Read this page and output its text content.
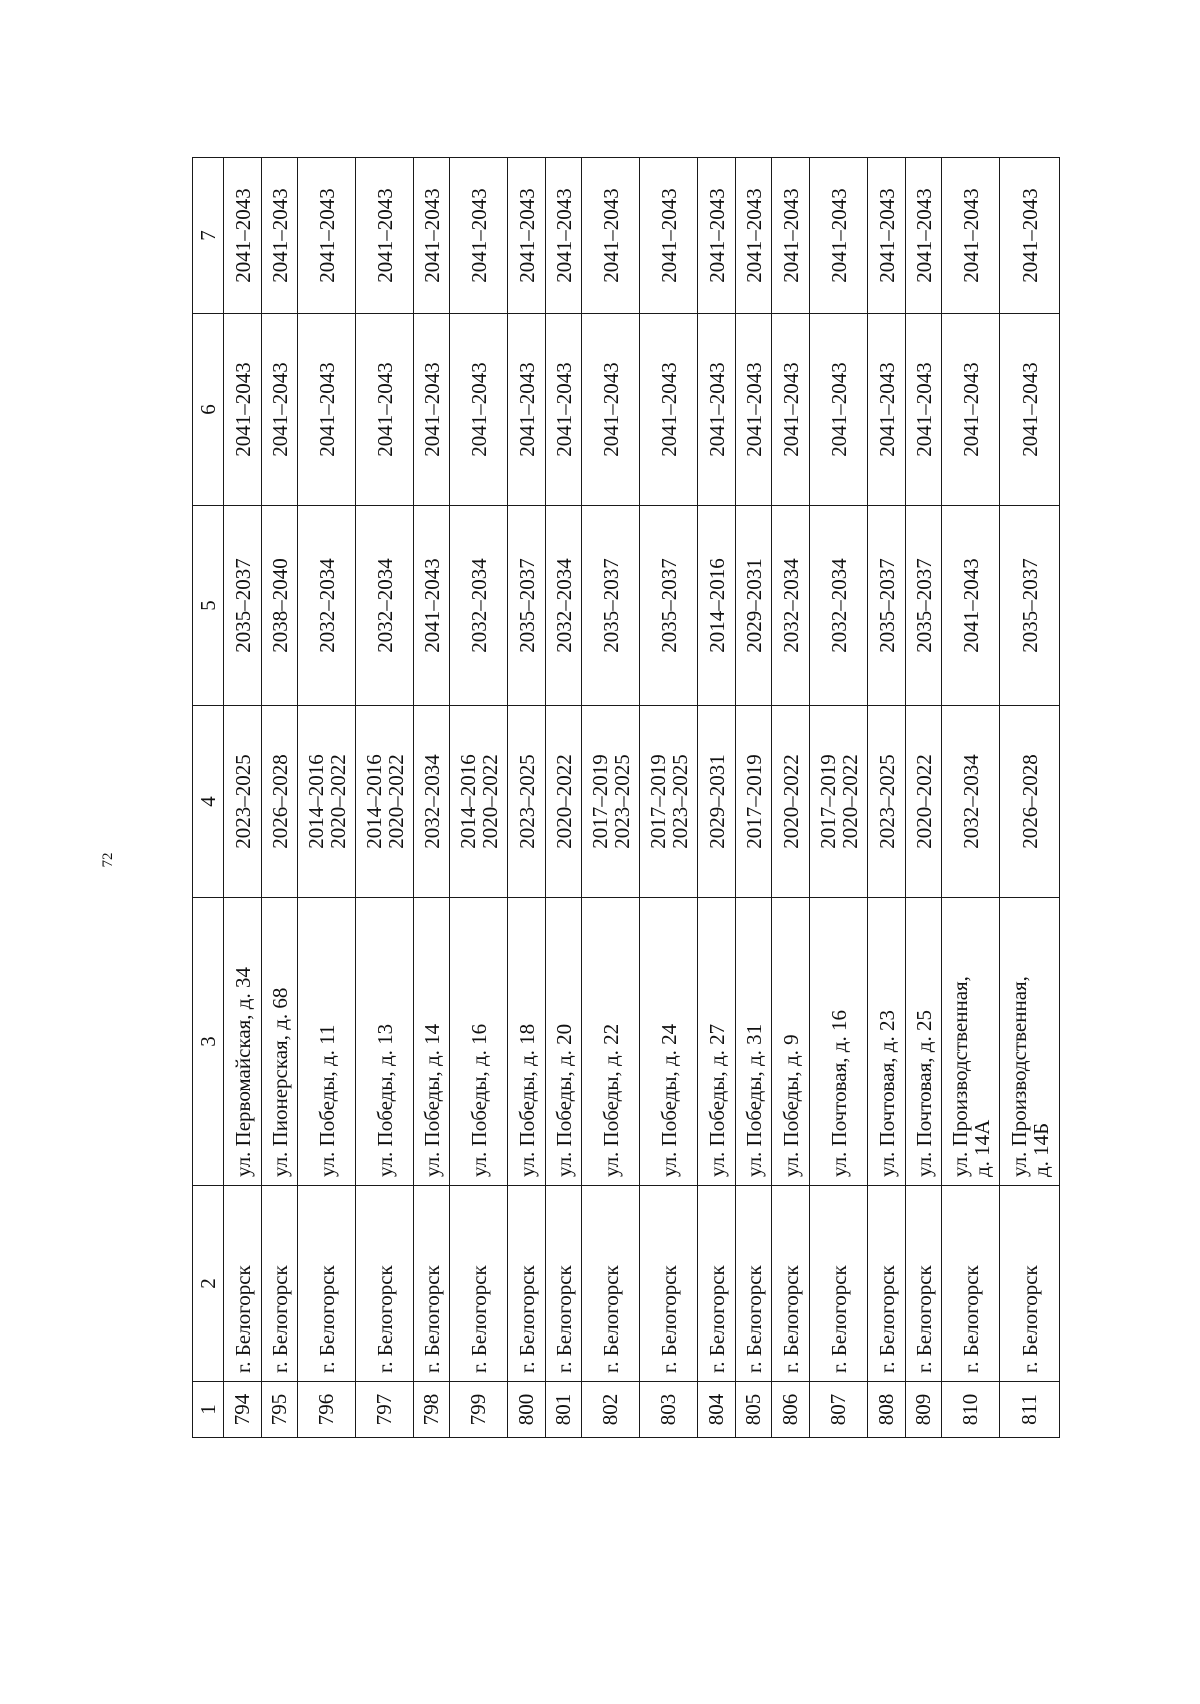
72
1	2	3	4	5	6	7
794	г. Белогорск	ул. Первомайская, д. 34	2023–2025	2035–2037	2041–2043	2041–2043
795	г. Белогорск	ул. Пионерская, д. 68	2026–2028	2038–2040	2041–2043	2041–2043
796	г. Белогорск	ул. Победы, д. 11	2014–2016
2020–2022	2032–2034	2041–2043	2041–2043
797	г. Белогорск	ул. Победы, д. 13	2014–2016
2020–2022	2032–2034	2041–2043	2041–2043
798	г. Белогорск	ул. Победы, д. 14	2032–2034	2041–2043	2041–2043	2041–2043
799	г. Белогорск	ул. Победы, д. 16	2014–2016
2020–2022	2032–2034	2041–2043	2041–2043
800	г. Белогорск	ул. Победы, д. 18	2023–2025	2035–2037	2041–2043	2041–2043
801	г. Белогорск	ул. Победы, д. 20	2020–2022	2032–2034	2041–2043	2041–2043
802	г. Белогорск	ул. Победы, д. 22	2017–2019
2023–2025	2035–2037	2041–2043	2041–2043
803	г. Белогорск	ул. Победы, д. 24	2017–2019
2023–2025	2035–2037	2041–2043	2041–2043
804	г. Белогорск	ул. Победы, д. 27	2029–2031	2014–2016	2041–2043	2041–2043
805	г. Белогорск	ул. Победы, д. 31	2017–2019	2029–2031	2041–2043	2041–2043
806	г. Белогорск	ул. Победы, д. 9	2020–2022	2032–2034	2041–2043	2041–2043
807	г. Белогорск	ул. Почтовая, д. 16	2017–2019
2020–2022	2032–2034	2041–2043	2041–2043
808	г. Белогорск	ул. Почтовая, д. 23	2023–2025	2035–2037	2041–2043	2041–2043
809	г. Белогорск	ул. Почтовая, д. 25	2020–2022	2035–2037	2041–2043	2041–2043
810	г. Белогорск	ул. Производственная,
д. 14А	2032–2034	2041–2043	2041–2043	2041–2043
811	г. Белогорск	ул. Производственная,
д. 14Б	2026–2028	2035–2037	2041–2043	2041–2043
